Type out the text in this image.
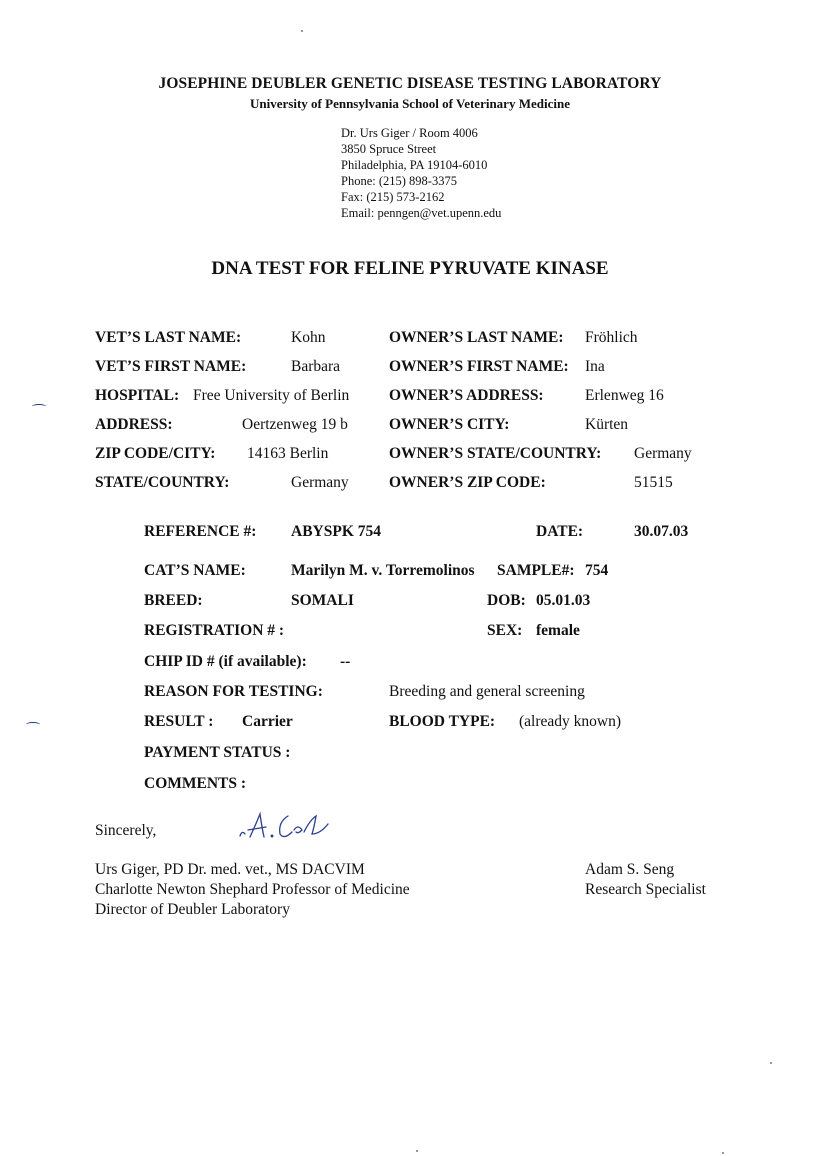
JOSEPHINE DEUBLER GENETIC DISEASE TESTING LABORATORY
University of Pennsylvania School of Veterinary Medicine
Dr. Urs Giger / Room 4006
3850 Spruce Street
Philadelphia, PA 19104-6010
Phone: (215) 898-3375
Fax: (215) 573-2162
Email: penngen@vet.upenn.edu
DNA TEST FOR FELINE PYRUVATE KINASE
VET’S LAST NAME:	Kohn
VET’S FIRST NAME:	Barbara
HOSPITAL: Free University of Berlin
ADDRESS:	Oertzenweg 19 b
ZIP CODE/CITY: 14163 Berlin
STATE/COUNTRY:	Germany
OWNER’S LAST NAME: Fröhlich
OWNER’S FIRST NAME: Ina
OWNER’S ADDRESS:	Erlenweg 16
OWNER’S CITY:	Kürten
OWNER’S STATE/COUNTRY: Germany
OWNER’S ZIP CODE:	51515
REFERENCE #: ABYSPK 754	DATE:	30.07.03
CAT’S NAME:	Marilyn M. v. Torremolinos SAMPLE#: 754
BREED:	SOMALI	DOB: 05.01.03
REGISTRATION # :	SEX: female
CHIP ID # (if available): --
REASON FOR TESTING:	Breeding and general screening
RESULT : Carrier	BLOOD TYPE: (already known)
PAYMENT STATUS :
COMMENTS :
Sincerely,
Urs Giger, PD Dr. med. vet., MS DACVIM
Charlotte Newton Shephard Professor of Medicine
Director of Deubler Laboratory
Adam S. Seng
Research Specialist
